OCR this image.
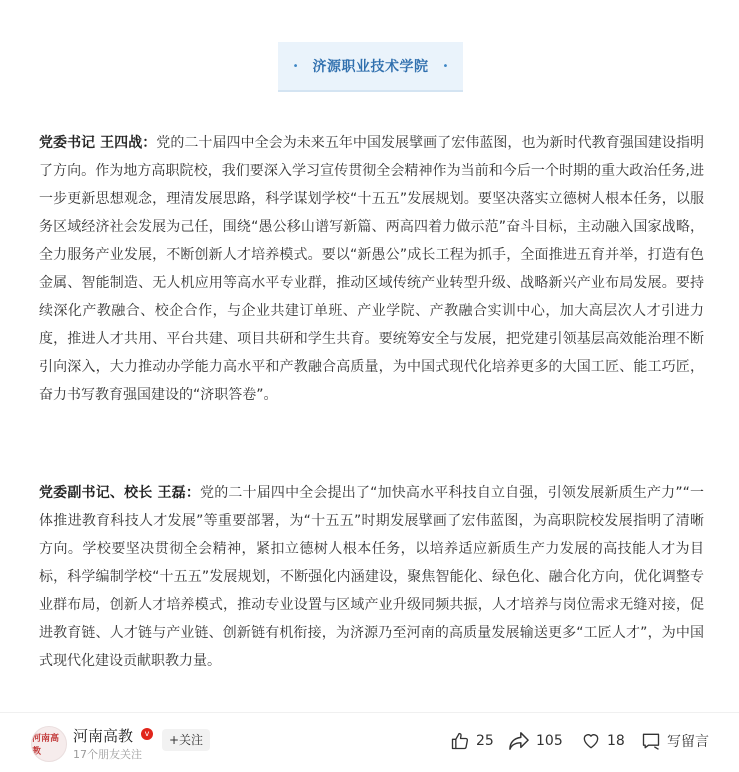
• 济源职业技术学院 •
党委书记 王四战：党的二十届四中全会为未来五年中国发展擘画了宏伟蓝图，也为新时代教育强国建设指明了方向。作为地方高职院校，我们要深入学习宣传贯彻全会精神作为当前和今后一个时期的重大政治任务,进一步更新思想观念，理清发展思路，科学谋划学校“十五五”发展规划。要坚决落实立德树人根本任务，以服务区域经济社会发展为己任，围绕“愚公移山谱写新篇、两高四着力做示范”奋斗目标，主动融入国家战略，全力服务产业发展，不断创新人才培养模式。要以“新愚公”成长工程为抓手，全面推进五育并举，打造有色金属、智能制造、无人机应用等高水平专业群，推动区域传统产业转型升级、战略新兴产业布局发展。要持续深化产教融合、校企合作，与企业共建订单班、产业学院、产教融合实训中心，加大高层次人才引进力度，推进人才共用、平台共建、项目共研和学生共育。要统筹安全与发展，把党建引领基层高效能治理不断引向深入，大力推动办学能力高水平和产教融合高质量，为中国式现代化培养更多的大国工匠、能工巧匠，奋力书写教育强国建设的“济职答卷”。
党委副书记、校长 王磊：党的二十届四中全会提出了“加快高水平科技自立自强，引领发展新质生产力”“一体推进教育科技人才发展”等重要部署，为“十五五”时期发展擘画了宏伟蓝图，为高职院校发展指明了清晰方向。学校要坚决贯彻全会精神，紧扣立德树人根本任务，以培养适应新质生产力发展的高技能人才为目标，科学编制学校“十五五”发展规划，不断强化内涵建设，聚焦智能化、绿色化、融合化方向，优化调整专业群布局，创新人才培养模式，推动专业设置与区域产业升级同频共振，人才培养与岗位需求无缝对接，促进教育链、人才链与产业链、创新链有机衔接，为济源乃至河南的高质量发展输送更多“工匠人才”，为中国式现代化建设贡献职教力量。
河南高教
河南高教	v
17个朋友关注
+关注	25	105	18	写留言
